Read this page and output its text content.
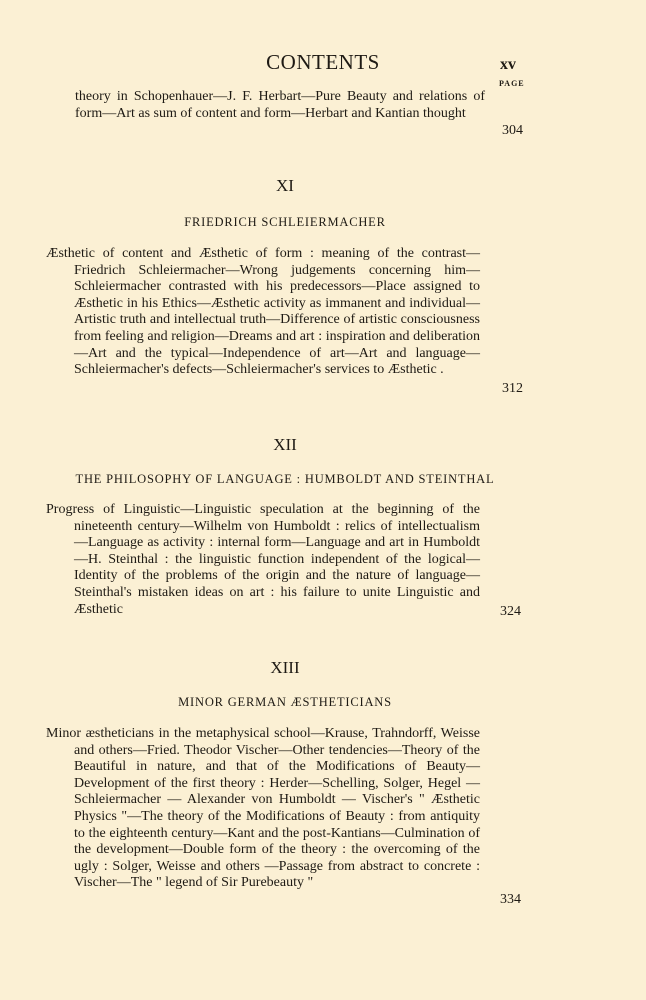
CONTENTS	xv
PAGE
theory in Schopenhauer—J. F. Herbart—Pure Beauty and relations of form—Art as sum of content and form—Herbart and Kantian thought
304
XI
FRIEDRICH SCHLEIERMACHER
Æsthetic of content and Æsthetic of form : meaning of the contrast—Friedrich Schleiermacher—Wrong judgements concerning him—Schleiermacher contrasted with his predecessors—Place assigned to Æsthetic in his Ethics—Æsthetic activity as immanent and individual—Artistic truth and intellectual truth—Difference of artistic consciousness from feeling and religion—Dreams and art : inspiration and deliberation—Art and the typical—Independence of art—Art and language—Schleiermacher's defects—Schleiermacher's services to Æsthetic .
312
XII
THE PHILOSOPHY OF LANGUAGE : HUMBOLDT AND STEINTHAL
Progress of Linguistic—Linguistic speculation at the beginning of the nineteenth century—Wilhelm von Humboldt : relics of intellectualism—Language as activity : internal form—Language and art in Humboldt—H. Steinthal : the linguistic function independent of the logical—Identity of the problems of the origin and the nature of language—Steinthal's mistaken ideas on art : his failure to unite Linguistic and Æsthetic	324
XIII
MINOR GERMAN ÆSTHETICIANS
Minor æstheticians in the metaphysical school—Krause, Trahndorff, Weisse and others—Fried. Theodor Vischer—Other tendencies—Theory of the Beautiful in nature, and that of the Modifications of Beauty—Development of the first theory : Herder—Schelling, Solger, Hegel — Schleiermacher — Alexander von Humboldt — Vischer's " Æsthetic Physics "—The theory of the Modifications of Beauty : from antiquity to the eighteenth century—Kant and the post-Kantians—Culmination of the development—Double form of the theory : the overcoming of the ugly : Solger, Weisse and others —Passage from abstract to concrete : Vischer—The " legend of Sir Purebeauty "
334
